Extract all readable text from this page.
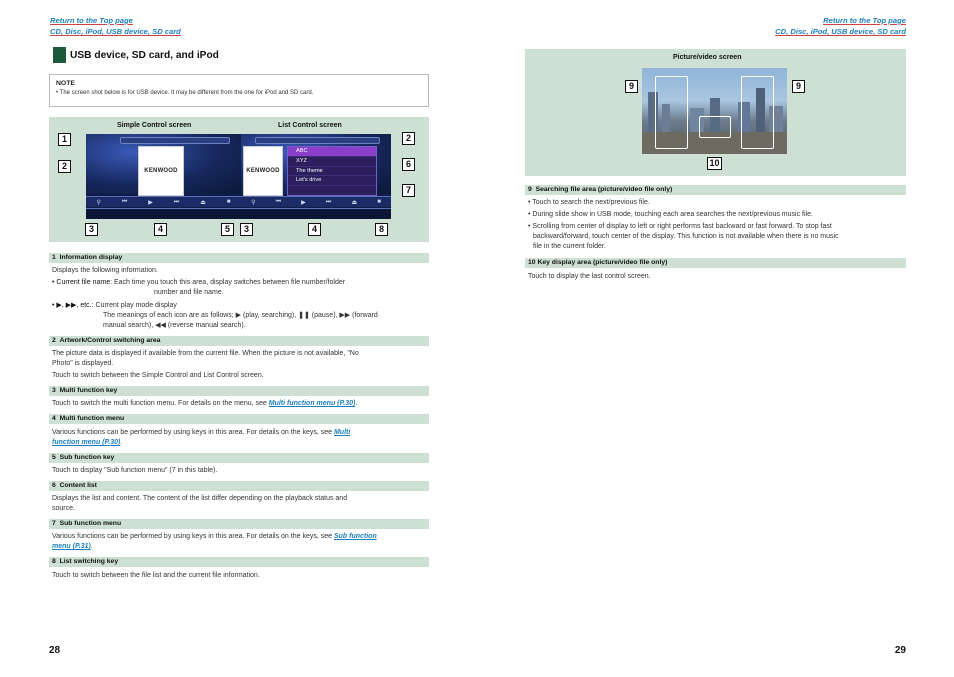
Return to the Top page
CD, Disc, iPod, USB device, SD card
Return to the Top page
CD, Disc, iPod, USB device, SD card
USB device, SD card, and iPod
NOTE
• The screen shot below is for USB device. It may be different from the one for iPod and SD card.
Simple Control screen	List Control screen
KENWOOD
⚲	⏮	▶	⏭	⏏	■
KENWOOD
ABC
XYZ
The theme
Let's drive
⚲	⏮	▶	⏭	⏏	■
1
2
3	4	5
2
6
7
3	4	8
Picture/video screen
9	9
10
1 Information display
Displays the following information.
• Current file name: Each time you touch this area, display switches between file number/folder
number and file name.
• ▶, ▶▶, etc.: Current play mode display
The meanings of each icon are as follows; ▶ (play, searching), ❚❚ (pause), ▶▶ (forward
manual search), ◀◀ (reverse manual search).
2 Artwork/Control switching area
The picture data is displayed if available from the current file. When the picture is not available, "No
Photo" is displayed.
Touch to switch between the Simple Control and List Control screen.
3 Multi function key
Touch to switch the multi function menu. For details on the menu, see Multi function menu (P.30).
4 Multi function menu
Various functions can be performed by using keys in this area. For details on the keys, see Multi
function menu (P.30).
5 Sub function key
Touch to display "Sub function menu" (7 in this table).
6 Content list
Displays the list and content. The content of the list differ depending on the playback status and
source.
7 Sub function menu
Various functions can be performed by using keys in this area. For details on the keys, see Sub function
menu (P.31).
8 List switching key
Touch to switch between the file list and the current file information.
9 Searching file area (picture/video file only)
• Touch to search the next/previous file.
• During slide show in USB mode, touching each area searches the next/previous music file.
• Scrolling from center of display to left or right performs fast backward or fast forward. To stop fast
backward/forward, touch center of the display. This function is not available when there is no music
file in the current folder.
10 Key display area (picture/video file only)
Touch to display the last control screen.
28	29
